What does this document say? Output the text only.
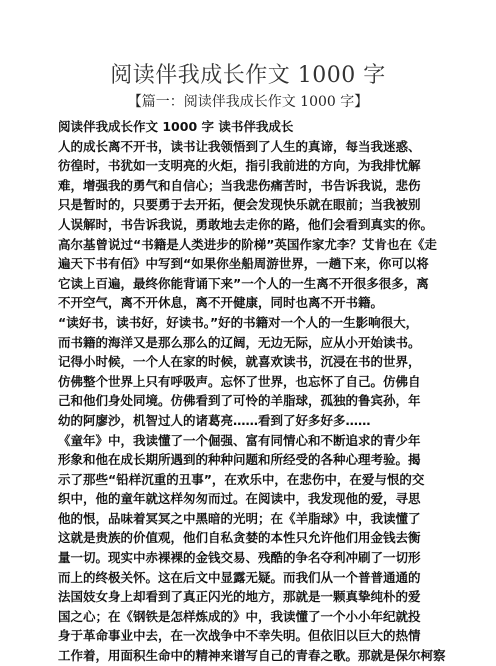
阅读伴我成长作文 1000 字
【篇一：阅读伴我成长作文 1000 字】
阅读伴我成长作文 1000 字 读书伴我成长
人的成长离不开书，读书让我领悟到了人生的真谛，每当我迷惑、
彷徨时，书犹如一支明亮的火炬，指引我前进的方向，为我排忧解
难，增强我的勇气和自信心；当我悲伤痛苦时，书告诉我说，悲伤
只是暂时的，只要勇于去开拓，便会发现快乐就在眼前；当我被别
人误解时，书告诉我说，勇敢地去走你的路，他们会看到真实的你。
高尔基曾说过“书籍是人类进步的阶梯”英国作家尤李？艾肯也在《走
遍天下书有佰》中写到“如果你坐船周游世界，一趟下来，你可以将
它读上百遍，最终你能背诵下来”一个人的一生离不开很多很多，离
不开空气，离不开休息，离不开健康，同时也离不开书籍。
“读好书，读书好，好读书。”好的书籍对一个人的一生影响很大，
而书籍的海洋又是那么那么的辽阔，无边无际，应从小开始读书。
记得小时候，一个人在家的时候，就喜欢读书，沉浸在书的世界，
仿佛整个世界上只有呼吸声。忘怀了世界，也忘怀了自己。仿佛自
己和他们身处同境。仿佛看到了可怜的羊脂球，孤独的鲁宾孙，年
幼的阿廖沙，机智过人的诸葛亮……看到了好多好多……
《童年》中，我读懂了一个倔强、富有同情心和不断追求的青少年
形象和他在成长期所遇到的种种问题和所经受的各种心理考验。揭
示了那些“铅样沉重的丑事”，在欢乐中，在悲伤中，在爱与恨的交
织中，他的童年就这样匆匆而过。在阅读中，我发现他的爱，寻思
他的恨，品味着冥冥之中黑暗的光明；在《羊脂球》中，我读懂了
这就是贵族的价值观，他们自私贪婪的本性只允许他们用金钱去衡
量一切。现实中赤裸裸的金钱交易、残酷的争名夺利冲刷了一切形
而上的终极关怀。这在后文中显露无疑。而我们从一个普普通通的
法国妓女身上却看到了真正闪光的地方，那就是一颗真挚纯朴的爱
国之心；在《钢铁是怎样炼成的》中，我读懂了一个小小年纪就投
身于革命事业中去，在一次战争中不幸失明。但依旧以巨大的热情
工作着，用面积生命中的精神来谱写自己的青春之歌。那就是保尔柯察
